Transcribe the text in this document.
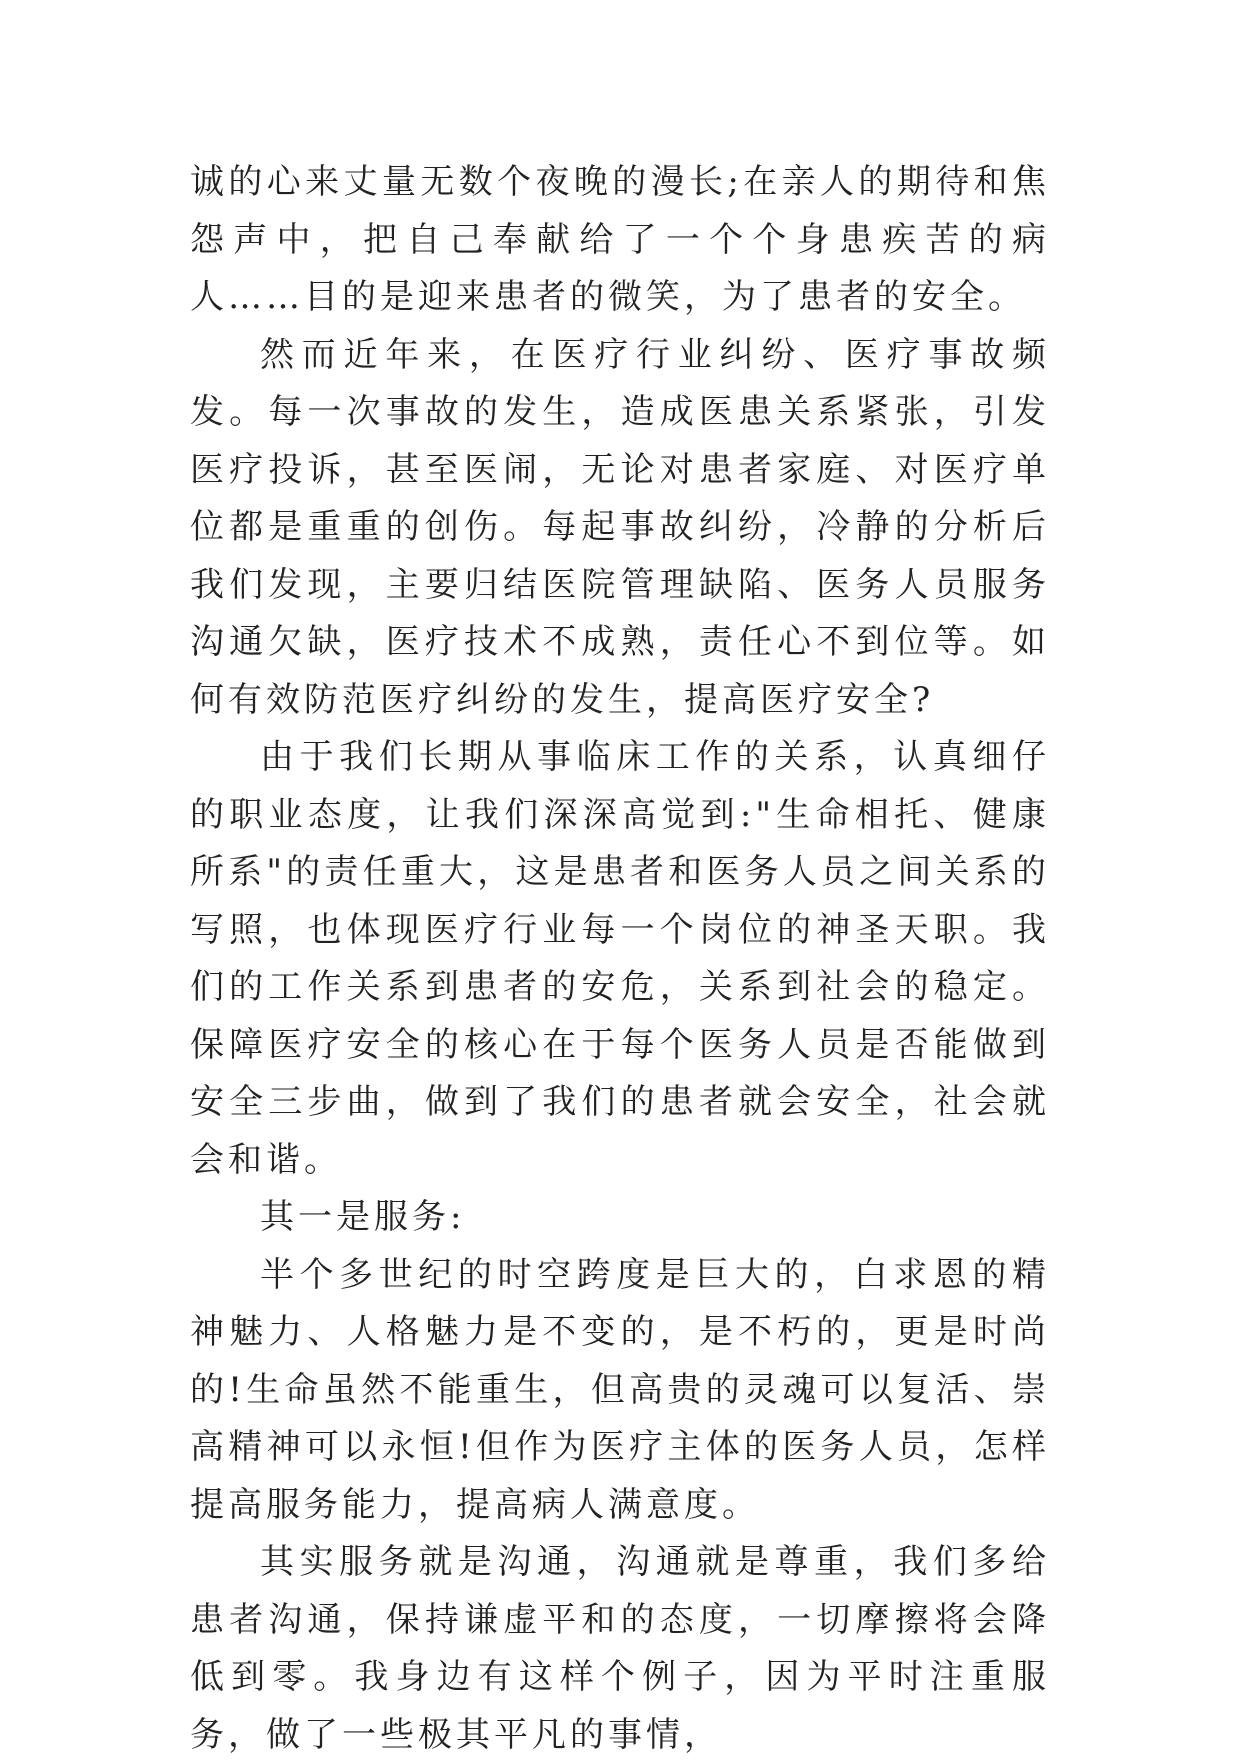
诚的心来丈量无数个夜晚的漫长;在亲人的期待和焦怨声中，把自己奉献给了一个个身患疾苦的病人……目的是迎来患者的微笑，为了患者的安全。

然而近年来，在医疗行业纠纷、医疗事故频发。每一次事故的发生，造成医患关系紧张，引发医疗投诉，甚至医闹，无论对患者家庭、对医疗单位都是重重的创伤。每起事故纠纷，冷静的分析后我们发现，主要归结医院管理缺陷、医务人员服务沟通欠缺，医疗技术不成熟，责任心不到位等。如何有效防范医疗纠纷的发生，提高医疗安全?

由于我们长期从事临床工作的关系，认真细仔的职业态度，让我们深深高觉到:"生命相托、健康所系"的责任重大，这是患者和医务人员之间关系的写照，也体现医疗行业每一个岗位的神圣天职。我们的工作关系到患者的安危，关系到社会的稳定。保障医疗安全的核心在于每个医务人员是否能做到安全三步曲，做到了我们的患者就会安全，社会就会和谐。

其一是服务:

半个多世纪的时空跨度是巨大的，白求恩的精神魅力、人格魅力是不变的，是不朽的，更是时尚的!生命虽然不能重生，但高贵的灵魂可以复活、崇高精神可以永恒!但作为医疗主体的医务人员，怎样提高服务能力，提高病人满意度。

其实服务就是沟通，沟通就是尊重，我们多给患者沟通，保持谦虚平和的态度，一切摩擦将会降低到零。我身边有这样个例子，因为平时注重服务，做了一些极其平凡的事情，
